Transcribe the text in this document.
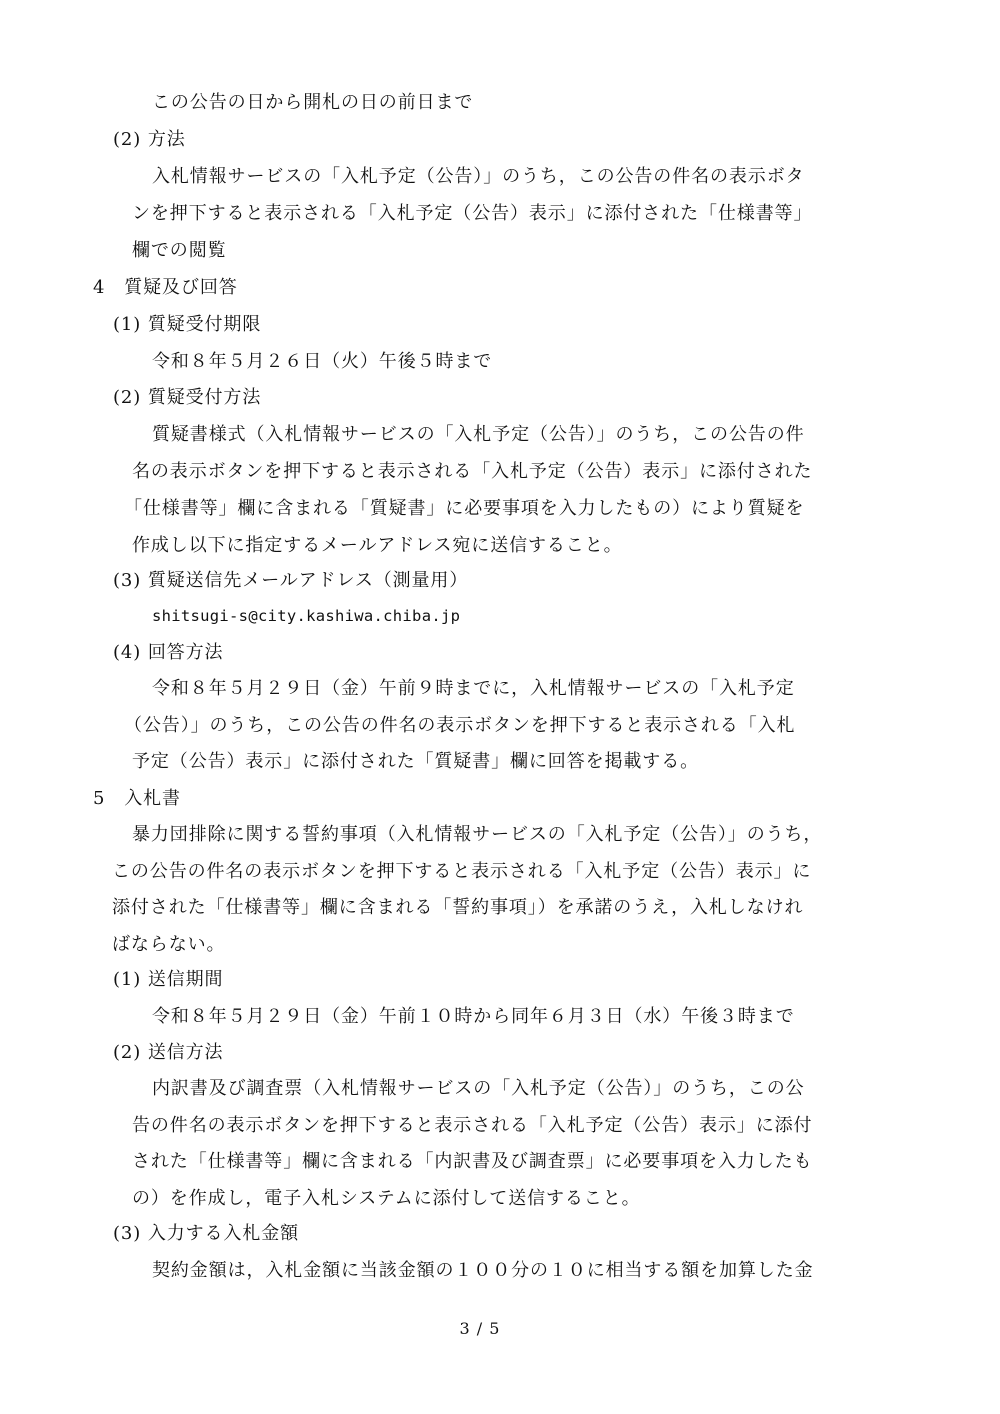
この公告の日から開札の日の前日まで
(2) 方法
入札情報サービスの「入札予定（公告）」のうち，この公告の件名の表示ボタ
ンを押下すると表示される「入札予定（公告）表示」に添付された「仕様書等」
欄での閲覧
4　質疑及び回答
(1) 質疑受付期限
令和８年５月２６日（火）午後５時まで
(2) 質疑受付方法
質疑書様式（入札情報サービスの「入札予定（公告）」のうち，この公告の件
名の表示ボタンを押下すると表示される「入札予定（公告）表示」に添付された
「仕様書等」欄に含まれる「質疑書」に必要事項を入力したもの）により質疑を
作成し以下に指定するメールアドレス宛に送信すること。
(3) 質疑送信先メールアドレス（測量用）
shitsugi-s@city.kashiwa.chiba.jp
(4) 回答方法
令和８年５月２９日（金）午前９時までに，入札情報サービスの「入札予定
（公告）」のうち，この公告の件名の表示ボタンを押下すると表示される「入札
予定（公告）表示」に添付された「質疑書」欄に回答を掲載する。
5　入札書
暴力団排除に関する誓約事項（入札情報サービスの「入札予定（公告）」のうち，
この公告の件名の表示ボタンを押下すると表示される「入札予定（公告）表示」に
添付された「仕様書等」欄に含まれる「誓約事項」）を承諾のうえ，入札しなけれ
ばならない。
(1) 送信期間
令和８年５月２９日（金）午前１０時から同年６月３日（水）午後３時まで
(2) 送信方法
内訳書及び調査票（入札情報サービスの「入札予定（公告）」のうち，この公
告の件名の表示ボタンを押下すると表示される「入札予定（公告）表示」に添付
された「仕様書等」欄に含まれる「内訳書及び調査票」に必要事項を入力したも
の）を作成し，電子入札システムに添付して送信すること。
(3) 入力する入札金額
契約金額は，入札金額に当該金額の１００分の１０に相当する額を加算した金
3 / 5
